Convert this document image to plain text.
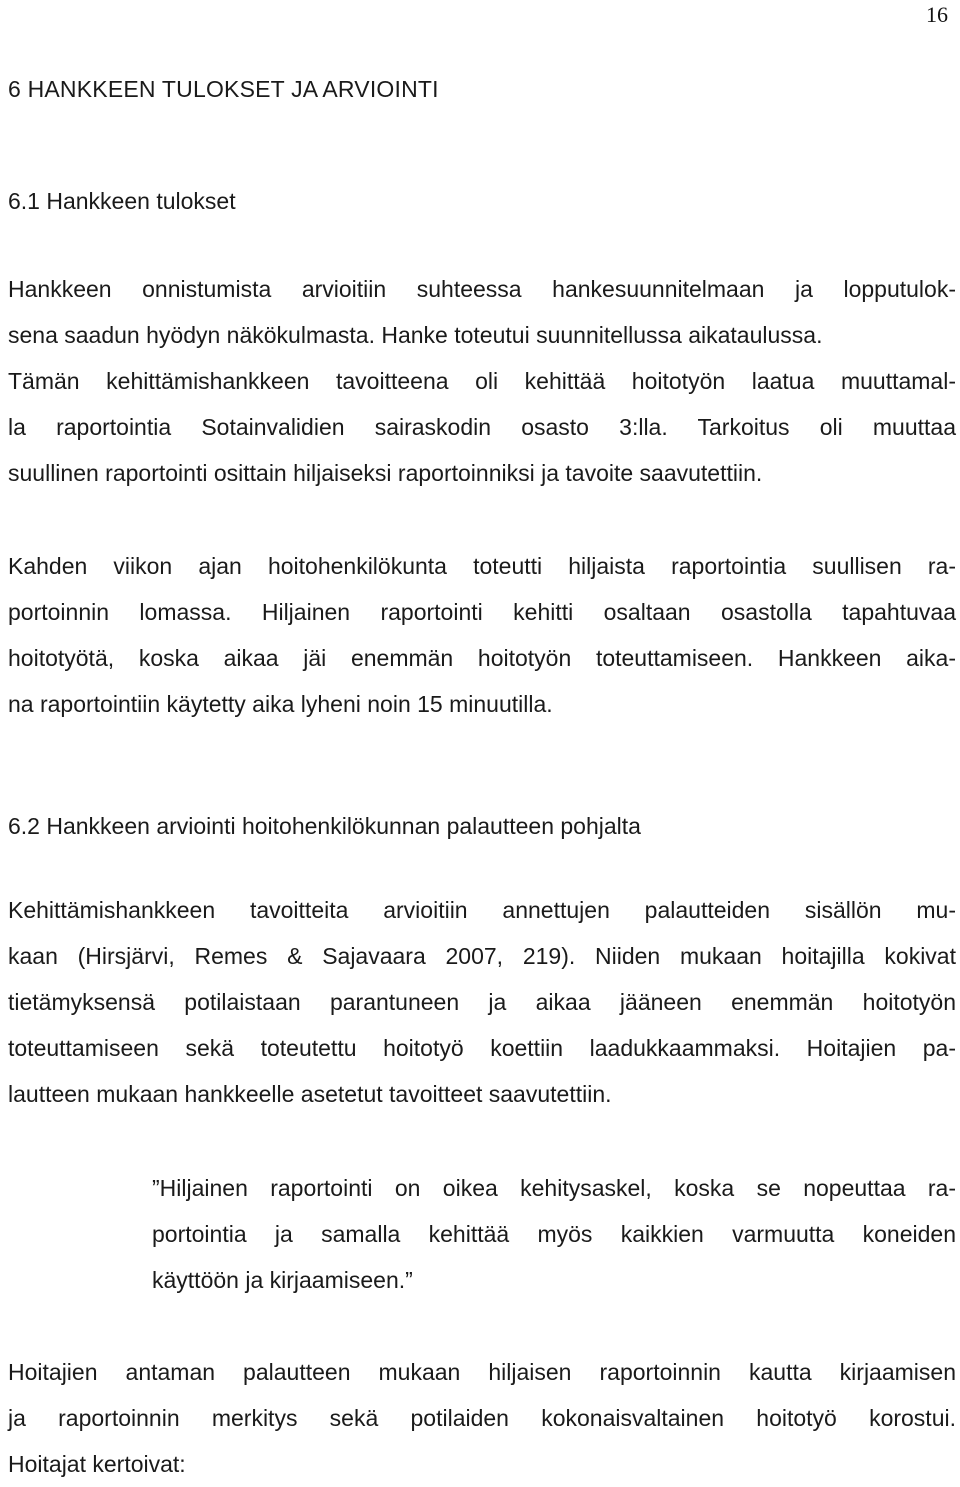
16
6 HANKKEEN TULOKSET JA ARVIOINTI
6.1 Hankkeen tulokset

Hankkeen onnistumista arvioitiin suhteessa hankesuunnitelmaan ja lopputulok-
sena saadun hyödyn näkökulmasta. Hanke toteutui suunnitellussa aikataulussa.
Tämän kehittämishankkeen tavoitteena oli kehittää hoitotyön laatua muuttamal-
la raportointia Sotainvalidien sairaskodin osasto 3:lla. Tarkoitus oli muuttaa
suullinen raportointi osittain hiljaiseksi raportoinniksi ja tavoite saavutettiin.

Kahden viikon ajan hoitohenkilökunta toteutti hiljaista raportointia suullisen ra-
portoinnin lomassa. Hiljainen raportointi kehitti osaltaan osastolla tapahtuvaa
hoitotyötä, koska aikaa jäi enemmän hoitotyön toteuttamiseen. Hankkeen aika-
na raportointiin käytetty aika lyheni noin 15 minuutilla.

6.2 Hankkeen arviointi hoitohenkilökunnan palautteen pohjalta

Kehittämishankkeen tavoitteita arvioitiin annettujen palautteiden sisällön mu-
kaan (Hirsjärvi, Remes & Sajavaara 2007, 219). Niiden mukaan hoitajilla kokivat
tietämyksensä potilaistaan parantuneen ja aikaa jääneen enemmän hoitotyön
toteuttamiseen sekä toteutettu hoitotyö koettiin laadukkaammaksi. Hoitajien pa-
lautteen mukaan hankkeelle asetetut tavoitteet saavutettiin.

”Hiljainen raportointi on oikea kehitysaskel, koska se nopeuttaa ra-
portointia ja samalla kehittää myös kaikkien varmuutta koneiden
käyttöön ja kirjaamiseen.”

Hoitajien antaman palautteen mukaan hiljaisen raportoinnin kautta kirjaamisen
ja raportoinnin merkitys sekä potilaiden kokonaisvaltainen hoitotyö korostui.
Hoitajat kertoivat:
